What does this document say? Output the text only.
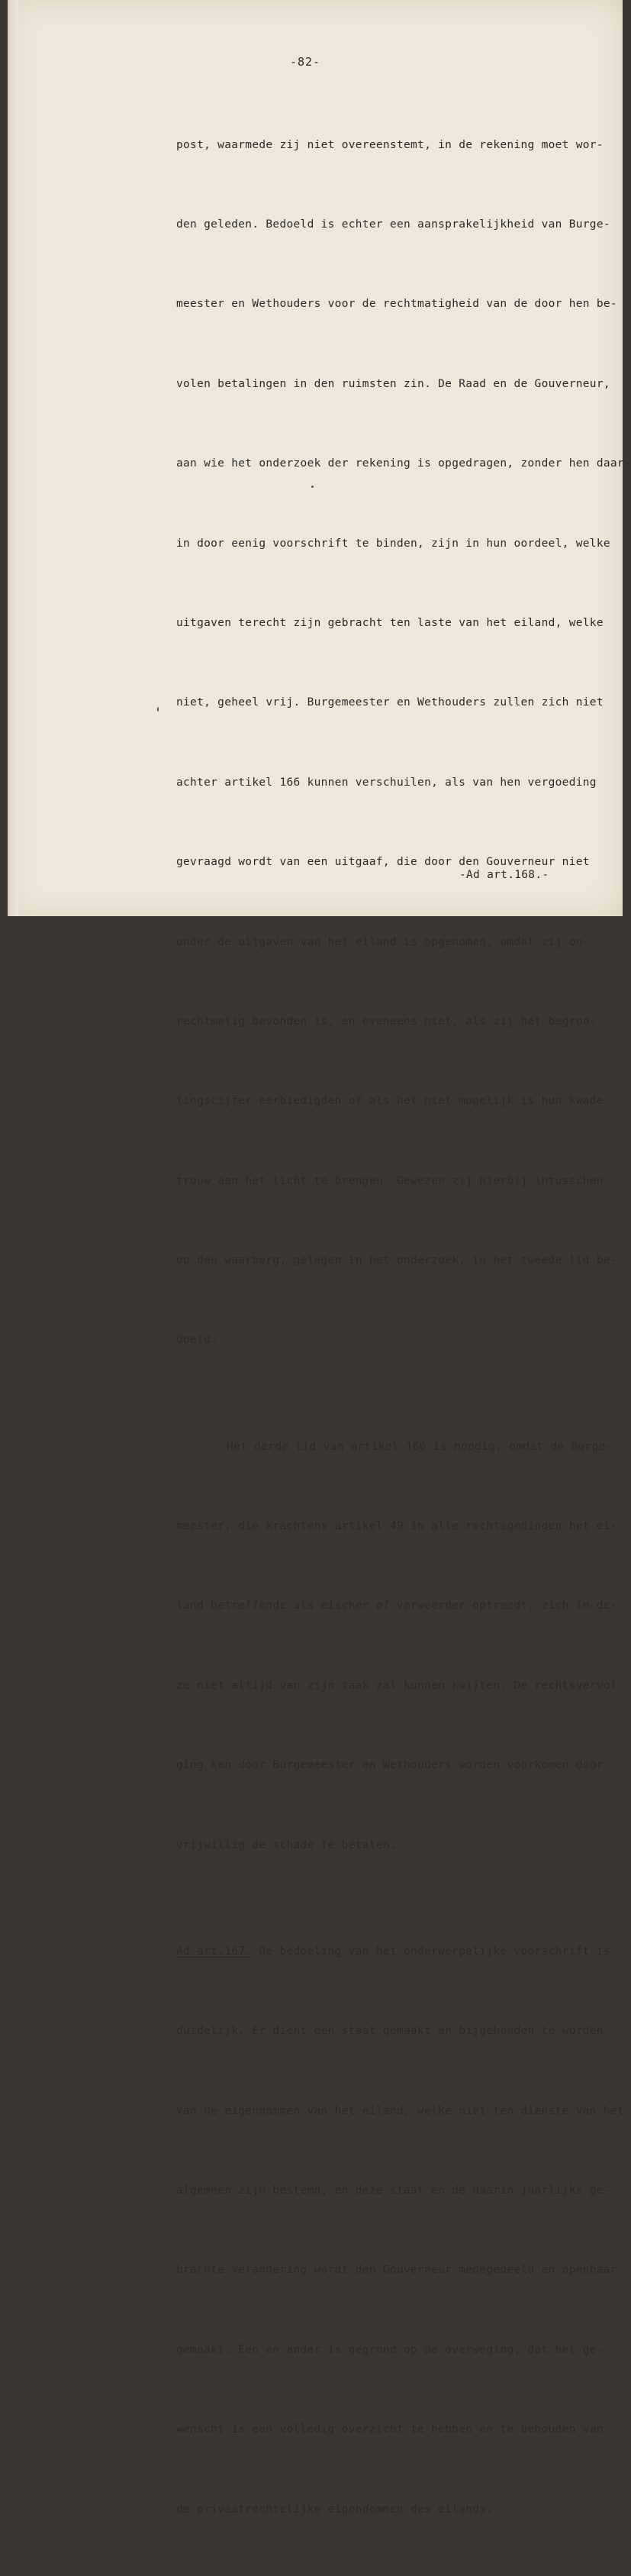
-82-

post, waarmede zij niet overeenstemt, in de rekening moet wor-

den geleden. Bedoeld is echter een aansprakelijkheid van Burge-

meester en Wethouders voor de rechtmatigheid van de door hen be-

volen betalingen in den ruimsten zin. De Raad en de Gouverneur,

aan wie het onderzoek der rekening is opgedragen, zonder hen daar-

in door eenig voorschrift te binden, zijn in hun oordeel, welke

uitgaven terecht zijn gebracht ten laste van het eiland, welke

niet, geheel vrij. Burgemeester en Wethouders zullen zich niet

achter artikel 166 kunnen verschuilen, als van hen vergoeding

gevraagd wordt van een uitgaaf, die door den Gouverneur niet

onder de uitgaven van het eiland is opgenomen, omdat zij on-

rechtmatig bevonden is, en eveneens niet, als zij het begroo-

tingscijfer eerbiedigden of als het niet mogelijk is hun kwade

trouw aan het licht te brengen. Gewezen zij hierbij intusschen

op den waarborg, gelegen in het onderzoek, in het tweede lid be-

doeld.

Het derde lid van artikel 166 is noodig, omdat de Burge-

meester, die krachtens artikel 49 in alle rechtsgedingen het ei-

land betreffende als eischer of verweerder optreedt, zich in de-

ze niet altijd van zijn taak zal kunnen kwijten. De rechtsvervol-

ging kan door Burgemeester en Wethouders worden voorkomen door

vrijwillig de schade te betalen.

Ad art.167. De bedoeling van het onderwerpelijke voorschrift is

duidelijk. Er dient een staat gemaakt en bijgehouden te worden

van de eigendommen van het eiland, welke niet ten dienste van het

algemeen zijn bestemd, en deze staat en de daarin jaarlijks ge-

brachte verandering wordt den Gouverneur medegedeeld en openbaar

gemaakt. Een en ander is gegrond op de overweging, dat het ge-

wenscht is een volledig overzicht te hebben en te behouden van

de privaatrechtelijke eigendommen des eilands.

-Ad art.168.-
